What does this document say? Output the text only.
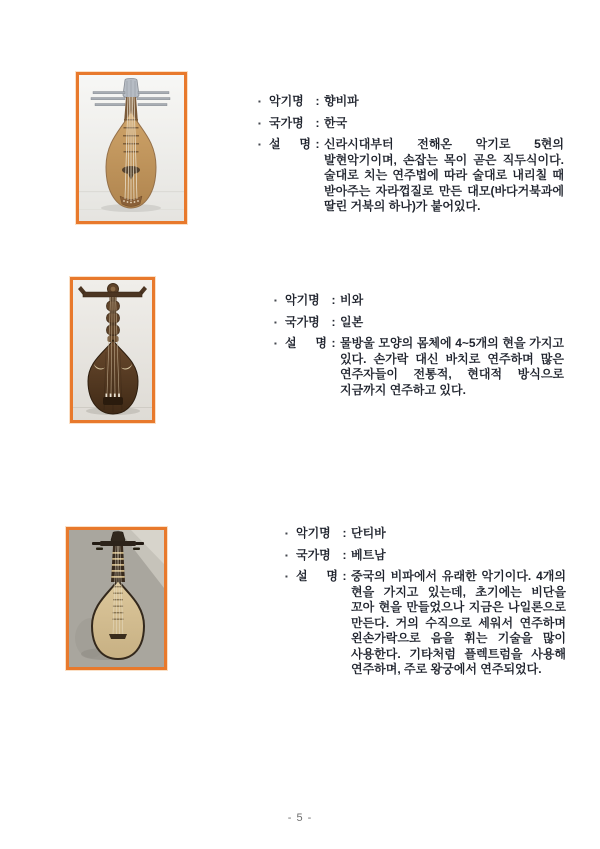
▪ 악기명 : 향비파
▪ 국가명 : 한국
▪ 설 명 : 신라시대부터 전해온 악기로 5현의 발현악기이며, 손잡는 목이 곧은 직두식이다. 술대로 치는 연주법에 따라 술대로 내리칠 때 받아주는 자라껍질로 만든 대모(바다거북과에 딸린 거북의 하나)가 붙어있다.
▪ 악기명 : 비와
▪ 국가명 : 일본
▪ 설 명 : 물방울 모양의 몸체에 4~5개의 현을 가지고 있다. 손가락 대신 바치로 연주하며 많은 연주자들이 전통적, 현대적 방식으로 지금까지 연주하고 있다.
▪ 악기명 : 단티바
▪ 국가명 : 베트남
▪ 설 명 : 중국의 비파에서 유래한 악기이다. 4개의 현을 가지고 있는데, 초기에는 비단을 꼬아 현을 만들었으나 지금은 나일론으로 만든다. 거의 수직으로 세워서 연주하며 왼손가락으로 음을 휘는 기술을 많이 사용한다. 기타처럼 플렉트럼을 사용해 연주하며, 주로 왕궁에서 연주되었다.
- 5 -
